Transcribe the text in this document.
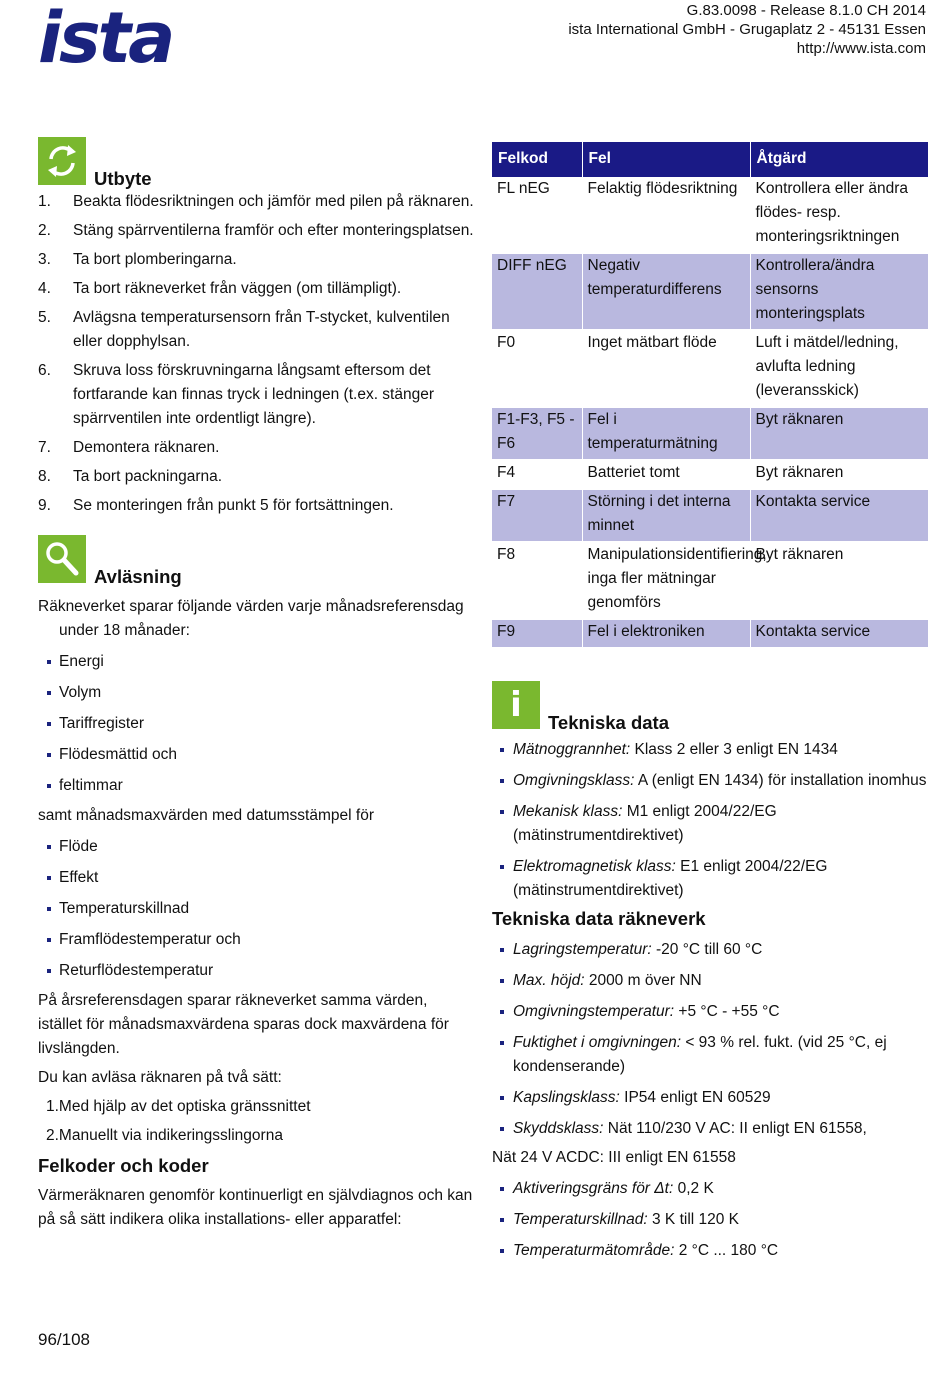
ista	G.83.0098 - Release 8.1.0 CH 2014
ista International GmbH - Grugaplatz 2 - 45131 Essen
http://www.ista.com
Utbyte
1. Beakta flödesriktningen och jämför med pilen på räknaren.
2. Stäng spärrventilerna framför och efter monteringsplatsen.
3. Ta bort plomberingarna.
4. Ta bort räkneverket från väggen (om tillämpligt).
5. Avlägsna temperatursensorn från T-stycket, kulventilen eller dopphylsan.
6. Skruva loss förskruvningarna långsamt eftersom det fortfarande kan finnas tryck i ledningen (t.ex. stänger spärrventilen inte ordentligt längre).
7. Demontera räknaren.
8. Ta bort packningarna.
9. Se monteringen från punkt 5 för fortsättningen.
Avläsning
Räkneverket sparar följande värden varje månadsreferensdag under 18 månader:
Energi
Volym
Tariffregister
Flödesmättid och
feltimmar
samt månadsmaxvärden med datumsstämpel för
Flöde
Effekt
Temperaturskillnad
Framflödestemperatur och
Returflödestemperatur
På årsreferensdagen sparar räkneverket samma värden, istället för månadsmaxvärdena sparas dock maxvärdena för livslängden.
Du kan avläsa räknaren på två sätt:
1.Med hjälp av det optiska gränssnittet
2.Manuellt via indikeringsslingorna
Felkoder och koder
Värmeräknaren genomför kontinuerligt en självdiagnos och kan på så sätt indikera olika installations- eller apparatfel:
Felkod	Fel	Åtgärd
FL nEG	Felaktig flödesriktning	Kontrollera eller ändra flödes- resp. monteringsriktningen
DIFF nEG	Negativ temperaturdifferens	Kontrollera/ändra sensorns monteringsplats
F0	Inget mätbart flöde	Luft i mätdel/ledning, avlufta ledning (leveransskick)
F1-F3, F5 - F6	Fel i temperaturmätning	Byt räknaren
F4	Batteriet tomt	Byt räknaren
F7	Störning i det interna minnet	Kontakta service
F8	Manipulationsidentifiering, inga fler mätningar genomförs	Byt räknaren
F9	Fel i elektroniken	Kontakta service
i	Tekniska data
Mätnoggrannhet: Klass 2 eller 3 enligt EN 1434
Omgivningsklass: A (enligt EN 1434) för installation inomhus
Mekanisk klass: M1 enligt 2004/22/EG (mätinstrumentdirektivet)
Elektromagnetisk klass: E1 enligt 2004/22/EG (mätinstrumentdirektivet)
Tekniska data räkneverk
Lagringstemperatur: -20 °C till 60 °C
Max. höjd: 2000 m över NN
Omgivningstemperatur: +5 °C - +55 °C
Fuktighet i omgivningen: < 93 % rel. fukt. (vid 25 °C, ej kondenserande)
Kapslingsklass: IP54 enligt EN 60529
Skyddsklass: Nät 110/230 V AC: II enligt EN 61558,
Nät 24 V ACDC: III enligt EN 61558
Aktiveringsgräns för Δt: 0,2 K
Temperaturskillnad: 3 K till 120 K
Temperaturmätområde: 2 °C ... 180 °C
96/108
